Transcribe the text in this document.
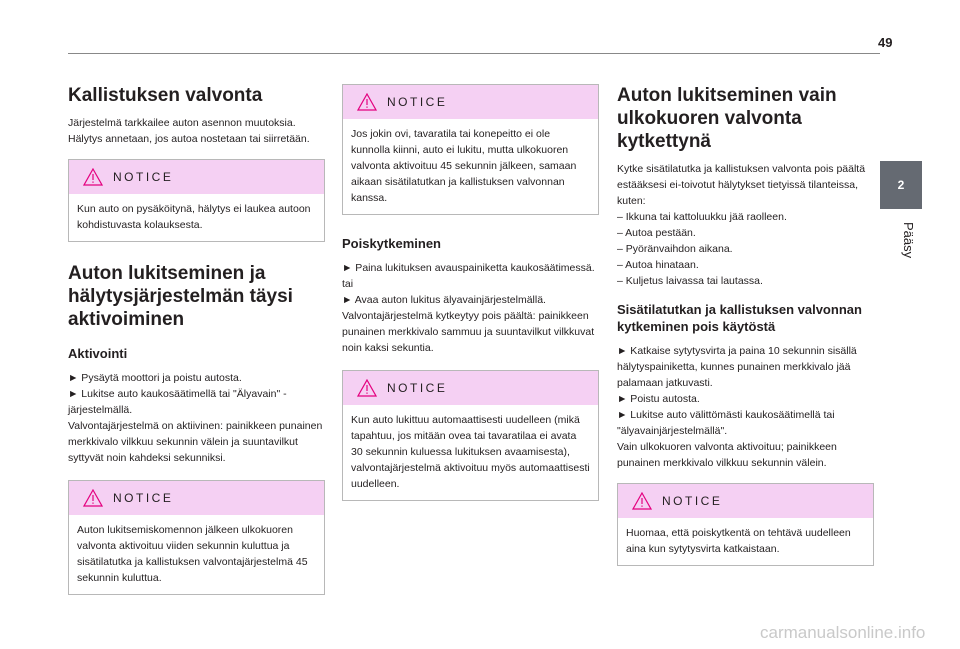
49
2
Pääsy
Kallistuksen valvonta

Järjestelmä tarkkailee auton asennon muutoksia. Hälytys annetaan, jos autoa nostetaan tai siirretään.

NOTICE
Kun auto on pysäköitynä, hälytys ei laukea autoon kohdistuvasta kolauksesta.
Auton lukitseminen ja hälytysjärjestelmän täysi aktivoiminen
Aktivointi

► Pysäytä moottori ja poistu autosta.
► Lukitse auto kaukosäätimellä tai "Älyavain" -järjestelmällä.
Valvontajärjestelmä on aktiivinen: painikkeen punainen merkkivalo vilkkuu sekunnin välein ja suuntavilkut syttyvät noin kahdeksi sekunniksi.

NOTICE
Auton lukitsemiskomennon jälkeen ulkokuoren valvonta aktivoituu viiden sekunnin kuluttua ja sisätilatutka ja kallistuksen valvontajärjestelmä 45 sekunnin kuluttua.
NOTICE
Jos jokin ovi, tavaratila tai konepeitto ei ole kunnolla kiinni, auto ei lukitu, mutta ulkokuoren valvonta aktivoituu 45 sekunnin jälkeen, samaan aikaan sisätilatutkan ja kallistuksen valvonnan kanssa.
Poiskytkeminen

► Paina lukituksen avauspainiketta kaukosäätimessä.
tai
► Avaa auton lukitus älyavainjärjestelmällä.
Valvontajärjestelmä kytkeytyy pois päältä: painikkeen punainen merkkivalo sammuu ja suuntavilkut vilkkuvat noin kaksi sekuntia.

NOTICE
Kun auto lukittuu automaattisesti uudelleen (mikä tapahtuu, jos mitään ovea tai tavaratilaa ei avata 30 sekunnin kuluessa lukituksen avaamisesta), valvontajärjestelmä aktivoituu myös automaattisesti uudelleen.
Auton lukitseminen vain ulkokuoren valvonta kytkettynä

Kytke sisätilatutka ja kallistuksen valvonta pois päältä estääksesi ei-toivotut hälytykset tietyissä tilanteissa, kuten:
– Ikkuna tai kattoluukku jää raolleen.
– Autoa pestään.
– Pyöränvaihdon aikana.
– Autoa hinataan.
– Kuljetus laivassa tai lautassa.

Sisätilatutkan ja kallistuksen valvonnan kytkeminen pois käytöstä

► Katkaise sytytysvirta ja paina 10 sekunnin sisällä hälytyspainiketta, kunnes punainen merkkivalo jää palamaan jatkuvasti.
► Poistu autosta.
► Lukitse auto välittömästi kaukosäätimellä tai "älyavainjärjestelmällä".
Vain ulkokuoren valvonta aktivoituu; painikkeen punainen merkkivalo vilkkuu sekunnin välein.

NOTICE
Huomaa, että poiskytkentä on tehtävä uudelleen aina kun sytytysvirta katkaistaan.
carmanualsonline.info
